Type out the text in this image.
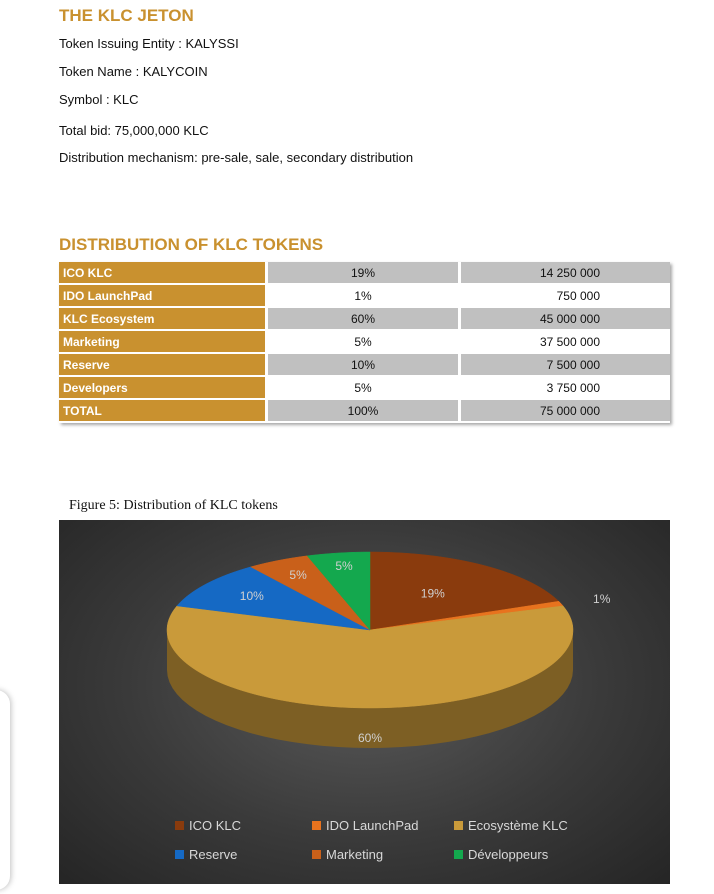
THE KLC JETON
Token Issuing Entity : KALYSSI
Token Name : KALYCOIN
Symbol : KLC
Total bid: 75,000,000 KLC
Distribution mechanism: pre-sale, sale, secondary distribution
DISTRIBUTION OF KLC TOKENS
ICO KLC	19%	14 250 000
IDO LaunchPad	1%	750 000
KLC Ecosystem	60%	45 000 000
Marketing	5%	37 500 000
Reserve	10%	7 500 000
Developers	5%	3 750 000
TOTAL	100%	75 000 000
Figure 5: Distribution of KLC tokens
19%	1%
60%
10%
5%
5%
ICO KLC	IDO LaunchPad	Ecosystème KLC
Reserve	Marketing	Développeurs
